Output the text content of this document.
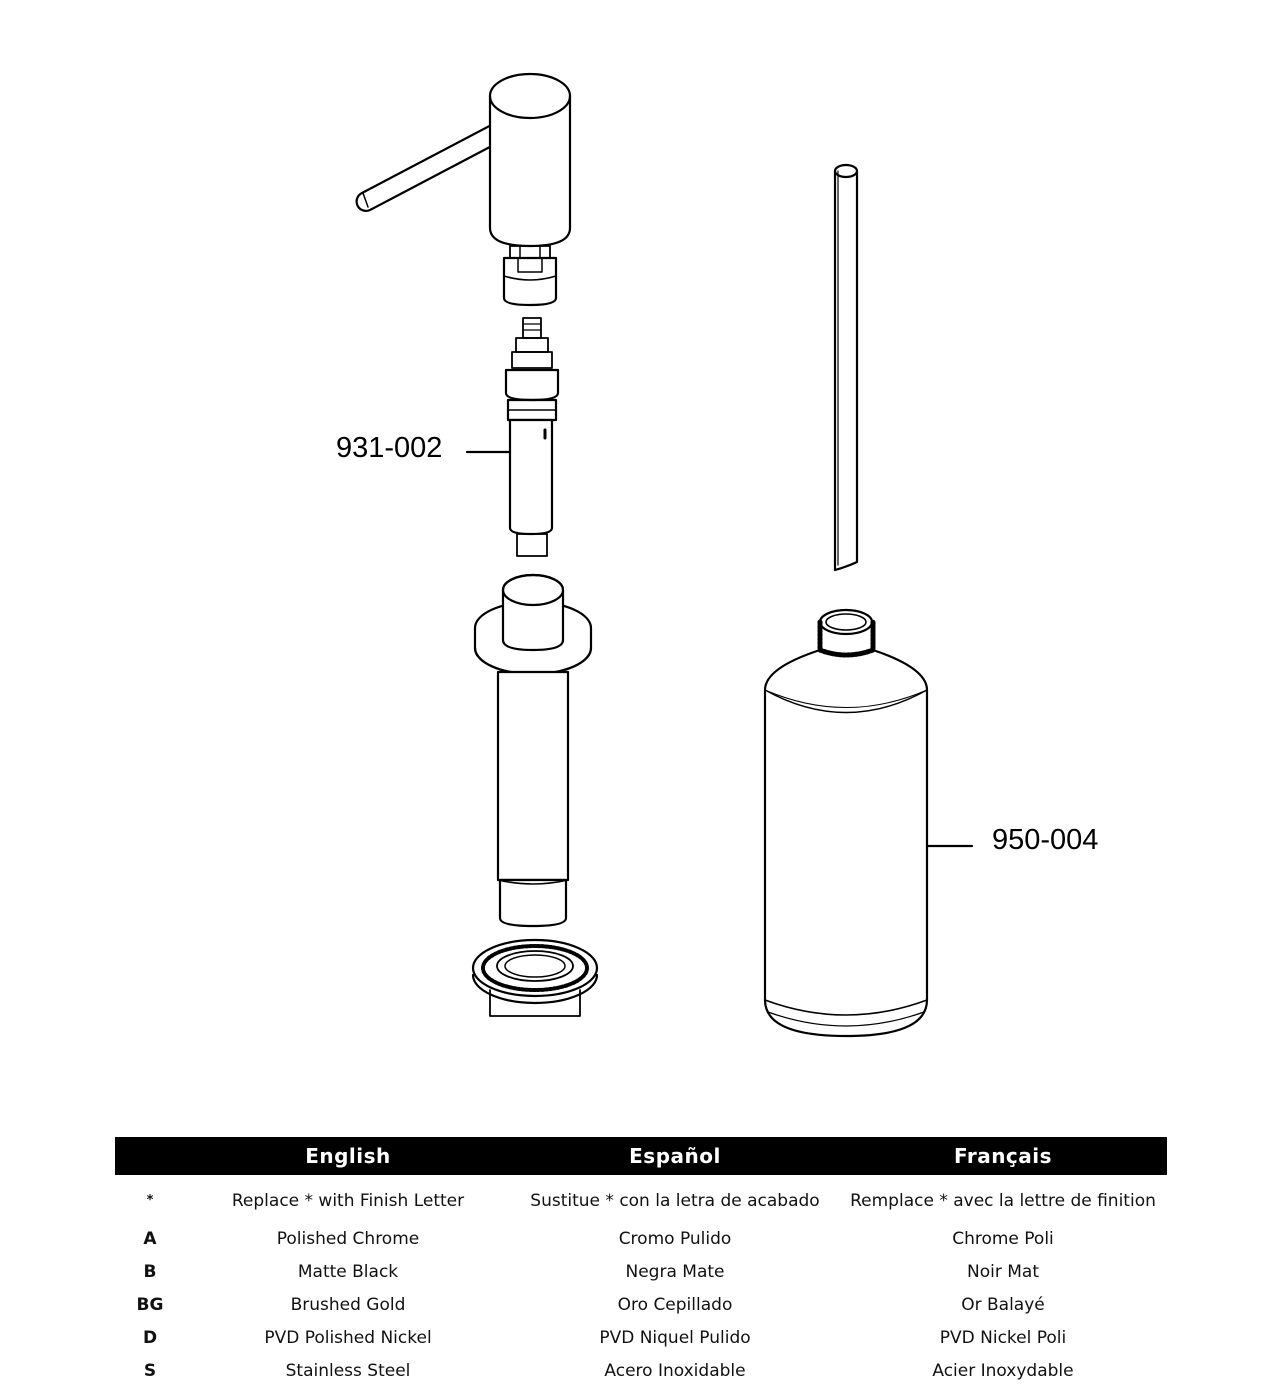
931-002
950-004
	English	Español	Français
*	Replace * with Finish Letter	Sustitue * con la letra de acabado	Remplace * avec la lettre de finition
A	Polished Chrome	Cromo Pulido	Chrome Poli
B	Matte Black	Negra Mate	Noir Mat
BG	Brushed Gold	Oro Cepillado	Or Balayé
D	PVD Polished Nickel	PVD Niquel Pulido	PVD Nickel Poli
S	Stainless Steel	Acero Inoxidable	Acier Inoxydable
